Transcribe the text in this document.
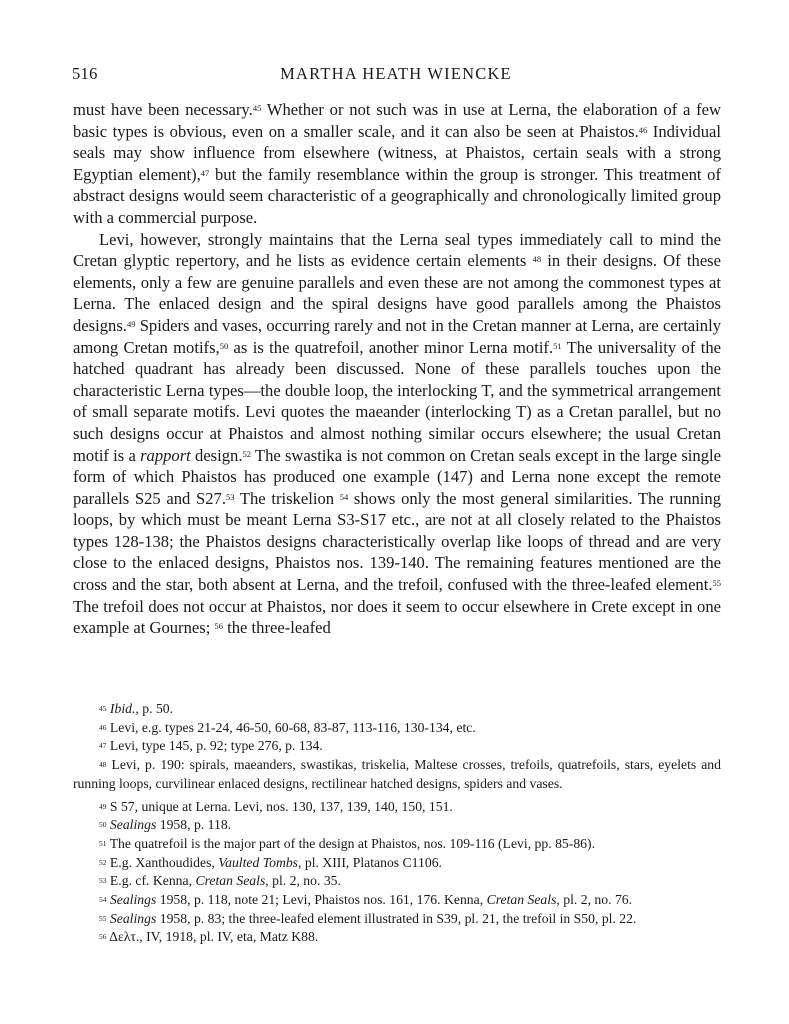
516	MARTHA HEATH WIENCKE

must have been necessary.$^{45}$ Whether or not such was in use at Lerna, the elaboration of a few basic types is obvious, even on a smaller scale, and it can also be seen at Phaistos.$^{46}$ Individual seals may show influence from elsewhere (witness, at Phaistos, certain seals with a strong Egyptian element),$^{47}$ but the family resemblance within the group is stronger. This treatment of abstract designs would seem characteristic of a geographically and chronologically limited group with a commercial purpose.

Levi, however, strongly maintains that the Lerna seal types immediately call to mind the Cretan glyptic repertory, and he lists as evidence certain elements $^{48}$ in their designs. Of these elements, only a few are genuine parallels and even these are not among the commonest types at Lerna. The enlaced design and the spiral designs have good parallels among the Phaistos designs.$^{49}$ Spiders and vases, occurring rarely and not in the Cretan manner at Lerna, are certainly among Cretan motifs,$^{50}$ as is the quatrefoil, another minor Lerna motif.$^{51}$ The universality of the hatched quadrant has already been discussed. None of these parallels touches upon the characteristic Lerna types—the double loop, the interlocking T, and the symmetrical arrangement of small separate motifs. Levi quotes the maeander (interlocking T) as a Cretan parallel, but no such designs occur at Phaistos and almost nothing similar occurs elsewhere; the usual Cretan motif is a rapport design.$^{52}$ The swastika is not common on Cretan seals except in the large single form of which Phaistos has produced one example (147) and Lerna none except the remote parallels S25 and S27.53 The triskelion $^{54}$ shows only the most general similarities. The running loops, by which must be meant Lerna S3-S17 etc., are not at all closely related to the Phaistos types 128-138; the Phaistos designs characteristically overlap like loops of thread and are very close to the enlaced designs, Phaistos nos. 139-140. The remaining features mentioned are the cross and the star, both absent at Lerna, and the trefoil, confused with the three-leafed element.$^{55}$ The trefoil does not occur at Phaistos, nor does it seem to occur elsewhere in Crete except in one example at Gournes; $^{56}$ the three-leafed

$^{45}$ Ibid., p. 50.

$^{46}$ Levi, e.g. types 21-24, 46-50, 60-68, 83-87, 113-116, 130-134, etc.

$^{47}$ Levi, type 145, p. 92; type 276, p. 134.

$^{48}$ Levi, p. 190: spirals, maeanders, swastikas, triskelia, Maltese crosses, trefoils, quatrefoils, stars, eyelets and running loops, curvilinear enlaced designs, rectilinear hatched designs, spiders and vases.

$^{49}$ S 57, unique at Lerna. Levi, nos. 130, 137, 139, 140, 150, 151.

$^{50}$ Sealings 1958, p. 118.

$^{51}$ The quatrefoil is the major part of the design at Phaistos, nos. 109-116 (Levi, pp. 85-86).

$^{52}$ E.g. Xanthoudides, Vaulted Tombs, pl. XIII, Platanos C1106.

$^{53}$ E.g. cf. Kenna, Cretan Seals, pl. 2, no. 35.

$^{54}$ Sealings 1958, p. 118, note 21; Levi, Phaistos nos. 161, 176. Kenna, Cretan Seals, pl. 2, no. 76.

$^{55}$ Sealings 1958, p. 83; the three-leafed element illustrated in S39, pl. 21, the trefoil in S50, pl. 22.

$^{56}$ Δελτ., IV, 1918, pl. IV, eta, Matz K88.
